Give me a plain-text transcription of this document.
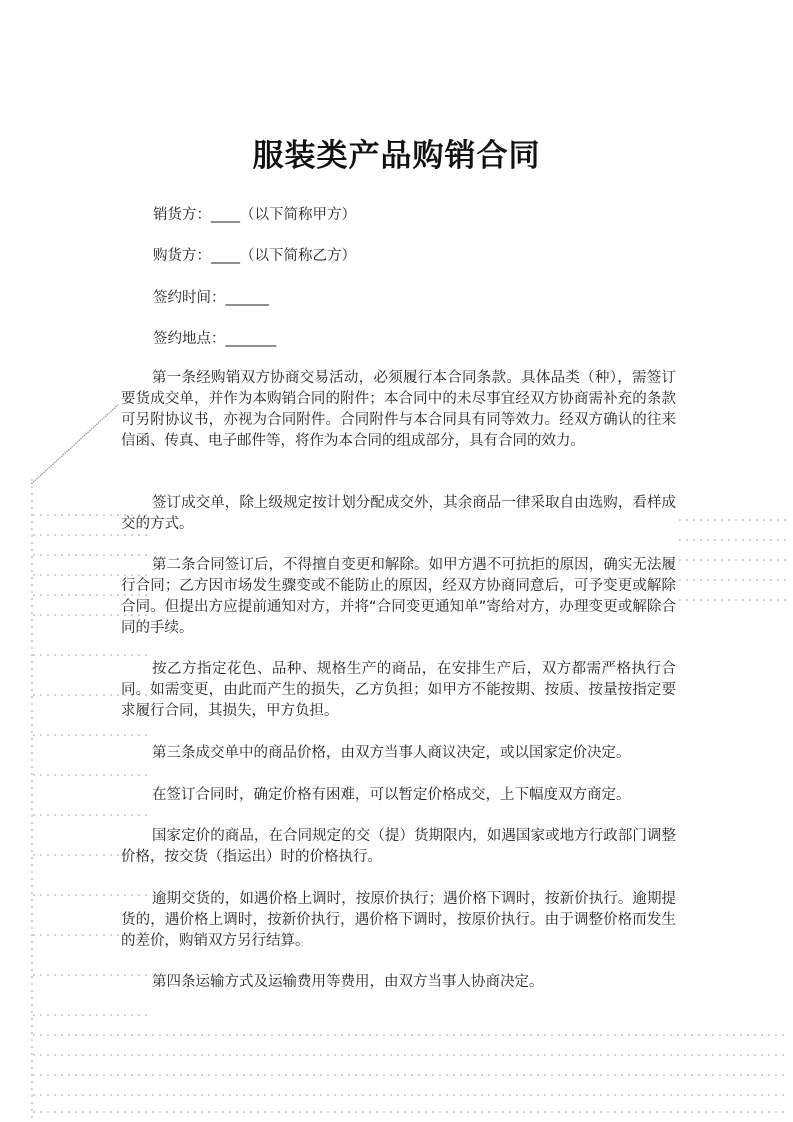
服装类产品购销合同
销货方：____（以下简称甲方）
购货方：____（以下简称乙方）
签约时间：______
签约地点：_______
第一条经购销双方协商交易活动，必须履行本合同条款。具体品类（种），需签订要货成交单，并作为本购销合同的附件；本合同中的未尽事宜经双方协商需补充的条款可另附协议书，亦视为合同附件。合同附件与本合同具有同等效力。经双方确认的往来信函、传真、电子邮件等，将作为本合同的组成部分，具有合同的效力。
签订成交单，除上级规定按计划分配成交外，其余商品一律采取自由选购，看样成交的方式。
第二条合同签订后，不得擅自变更和解除。如甲方遇不可抗拒的原因，确实无法履行合同；乙方因市场发生骤变或不能防止的原因，经双方协商同意后，可予变更或解除合同。但提出方应提前通知对方，并将“合同变更通知单”寄给对方，办理变更或解除合同的手续。
按乙方指定花色、品种、规格生产的商品，在安排生产后，双方都需严格执行合同。如需变更，由此而产生的损失，乙方负担；如甲方不能按期、按质、按量按指定要求履行合同，其损失，甲方负担。
第三条成交单中的商品价格，由双方当事人商议决定，或以国家定价决定。
在签订合同时，确定价格有困难，可以暂定价格成交，上下幅度双方商定。
国家定价的商品，在合同规定的交（提）货期限内，如遇国家或地方行政部门调整价格，按交货（指运出）时的价格执行。
逾期交货的，如遇价格上调时，按原价执行；遇价格下调时，按新价执行。逾期提货的，遇价格上调时，按新价执行，遇价格下调时，按原价执行。由于调整价格而发生的差价，购销双方另行结算。
第四条运输方式及运输费用等费用，由双方当事人协商决定。
